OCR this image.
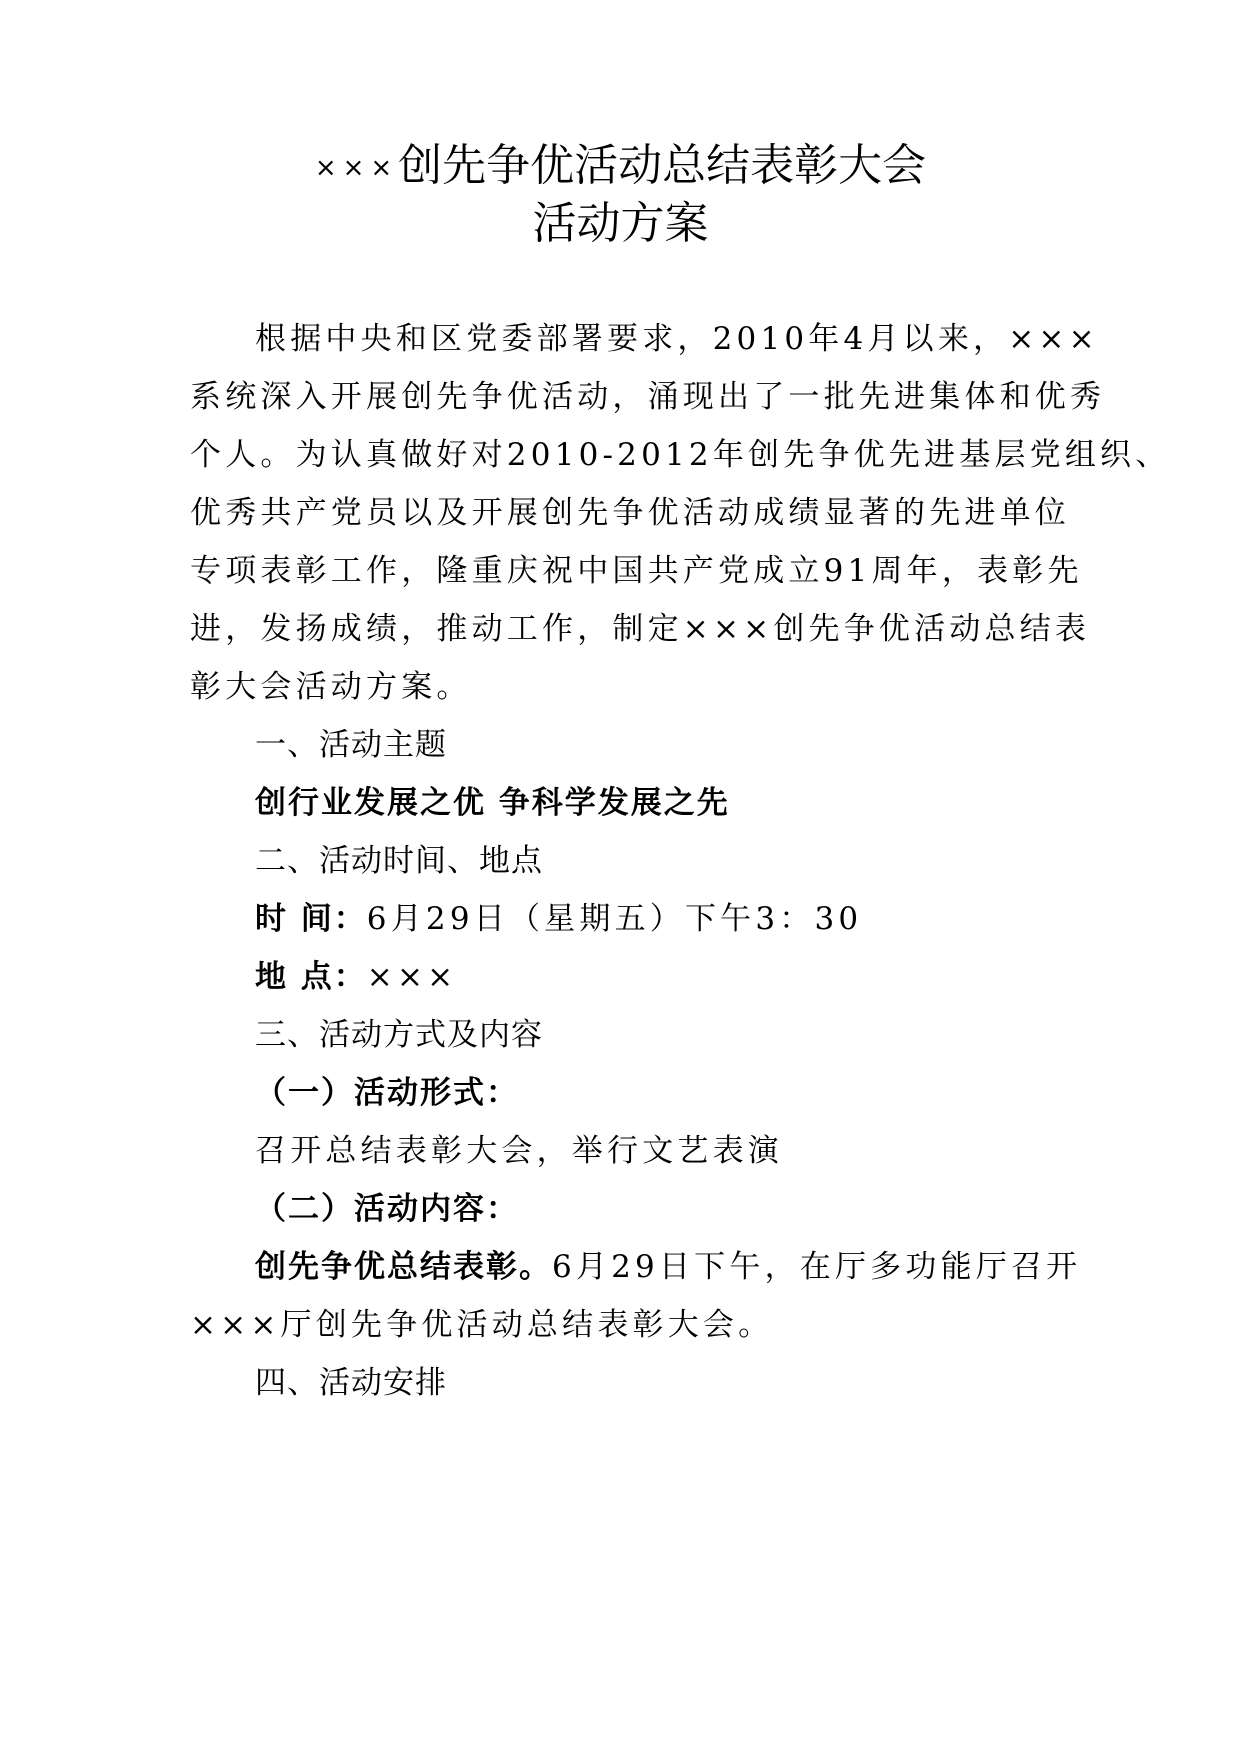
×××创先争优活动总结表彰大会
活动方案
根据中央和区党委部署要求，2010年4月以来，×××
系统深入开展创先争优活动，涌现出了一批先进集体和优秀
个人。为认真做好对2010-2012年创先争优先进基层党组织、
优秀共产党员以及开展创先争优活动成绩显著的先进单位
专项表彰工作，隆重庆祝中国共产党成立91周年，表彰先
进，发扬成绩，推动工作，制定×××创先争优活动总结表
彰大会活动方案。
一、活动主题
创行业发展之优 争科学发展之先
二、活动时间、地点
时 间：6月29日（星期五）下午3：30
地 点：×××
三、活动方式及内容
（一）活动形式：
召开总结表彰大会，举行文艺表演
（二）活动内容：
创先争优总结表彰。6月29日下午，在厅多功能厅召开
×××厅创先争优活动总结表彰大会。
四、活动安排
